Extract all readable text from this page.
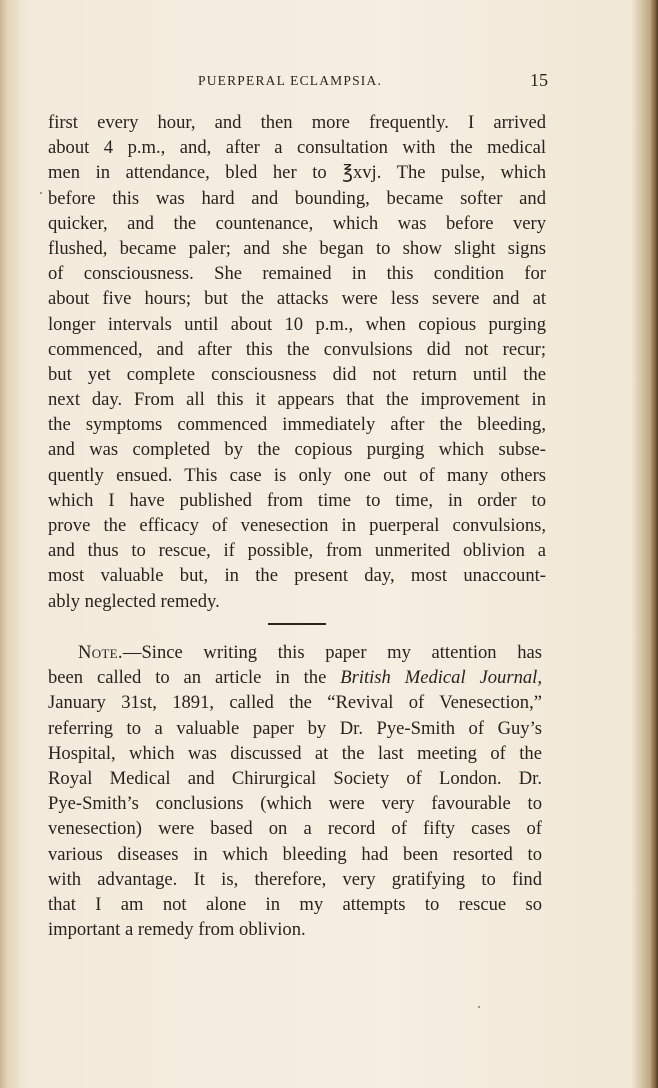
PUERPERAL ECLAMPSIA.	15
first every hour, and then more frequently. I arrived
about 4 p.m., and, after a consultation with the medical
men in attendance, bled her to ℥xvj. The pulse, which
before this was hard and bounding, became softer and
quicker, and the countenance, which was before very
flushed, became paler; and she began to show slight signs
of consciousness. She remained in this condition for
about five hours; but the attacks were less severe and at
longer intervals until about 10 p.m., when copious purging
commenced, and after this the convulsions did not recur;
but yet complete consciousness did not return until the
next day. From all this it appears that the improvement in
the symptoms commenced immediately after the bleeding,
and was completed by the copious purging which subse-
quently ensued. This case is only one out of many others
which I have published from time to time, in order to
prove the efficacy of venesection in puerperal convulsions,
and thus to rescue, if possible, from unmerited oblivion a
most valuable but, in the present day, most unaccount-
ably neglected remedy.
Note.—Since writing this paper my attention has
been called to an article in the British Medical Journal,
January 31st, 1891, called the “Revival of Venesection,”
referring to a valuable paper by Dr. Pye-Smith of Guy’s
Hospital, which was discussed at the last meeting of the
Royal Medical and Chirurgical Society of London. Dr.
Pye-Smith’s conclusions (which were very favourable to
venesection) were based on a record of fifty cases of
various diseases in which bleeding had been resorted to
with advantage. It is, therefore, very gratifying to find
that I am not alone in my attempts to rescue so
important a remedy from oblivion.
